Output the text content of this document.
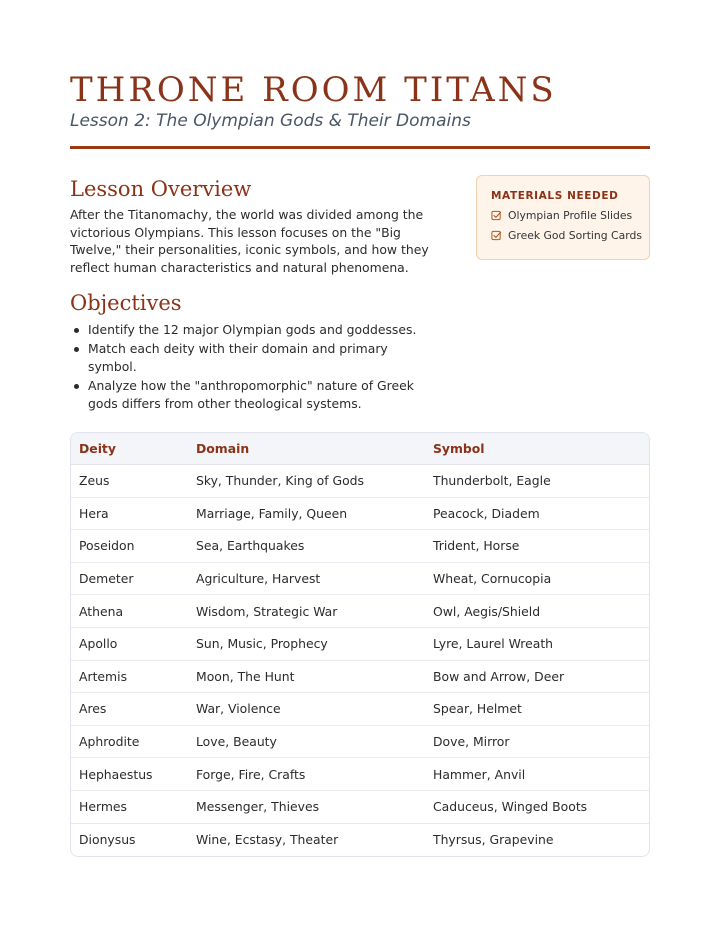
THRONE ROOM TITANS
Lesson 2: The Olympian Gods & Their Domains
Lesson Overview

After the Titanomachy, the world was divided among the victorious Olympians. This lesson focuses on the "Big Twelve," their personalities, iconic symbols, and how they reflect human characteristics and natural phenomena.

MATERIALS NEEDED
Olympian Profile Slides
Greek God Sorting Cards
Objectives
Identify the 12 major Olympian gods and goddesses.
Match each deity with their domain and primary symbol.
Analyze how the "anthropomorphic" nature of Greek gods differs from other theological systems.
Deity	Domain	Symbol
Zeus	Sky, Thunder, King of Gods	Thunderbolt, Eagle
Hera	Marriage, Family, Queen	Peacock, Diadem
Poseidon	Sea, Earthquakes	Trident, Horse
Demeter	Agriculture, Harvest	Wheat, Cornucopia
Athena	Wisdom, Strategic War	Owl, Aegis/Shield
Apollo	Sun, Music, Prophecy	Lyre, Laurel Wreath
Artemis	Moon, The Hunt	Bow and Arrow, Deer
Ares	War, Violence	Spear, Helmet
Aphrodite	Love, Beauty	Dove, Mirror
Hephaestus	Forge, Fire, Crafts	Hammer, Anvil
Hermes	Messenger, Thieves	Caduceus, Winged Boots
Dionysus	Wine, Ecstasy, Theater	Thyrsus, Grapevine
